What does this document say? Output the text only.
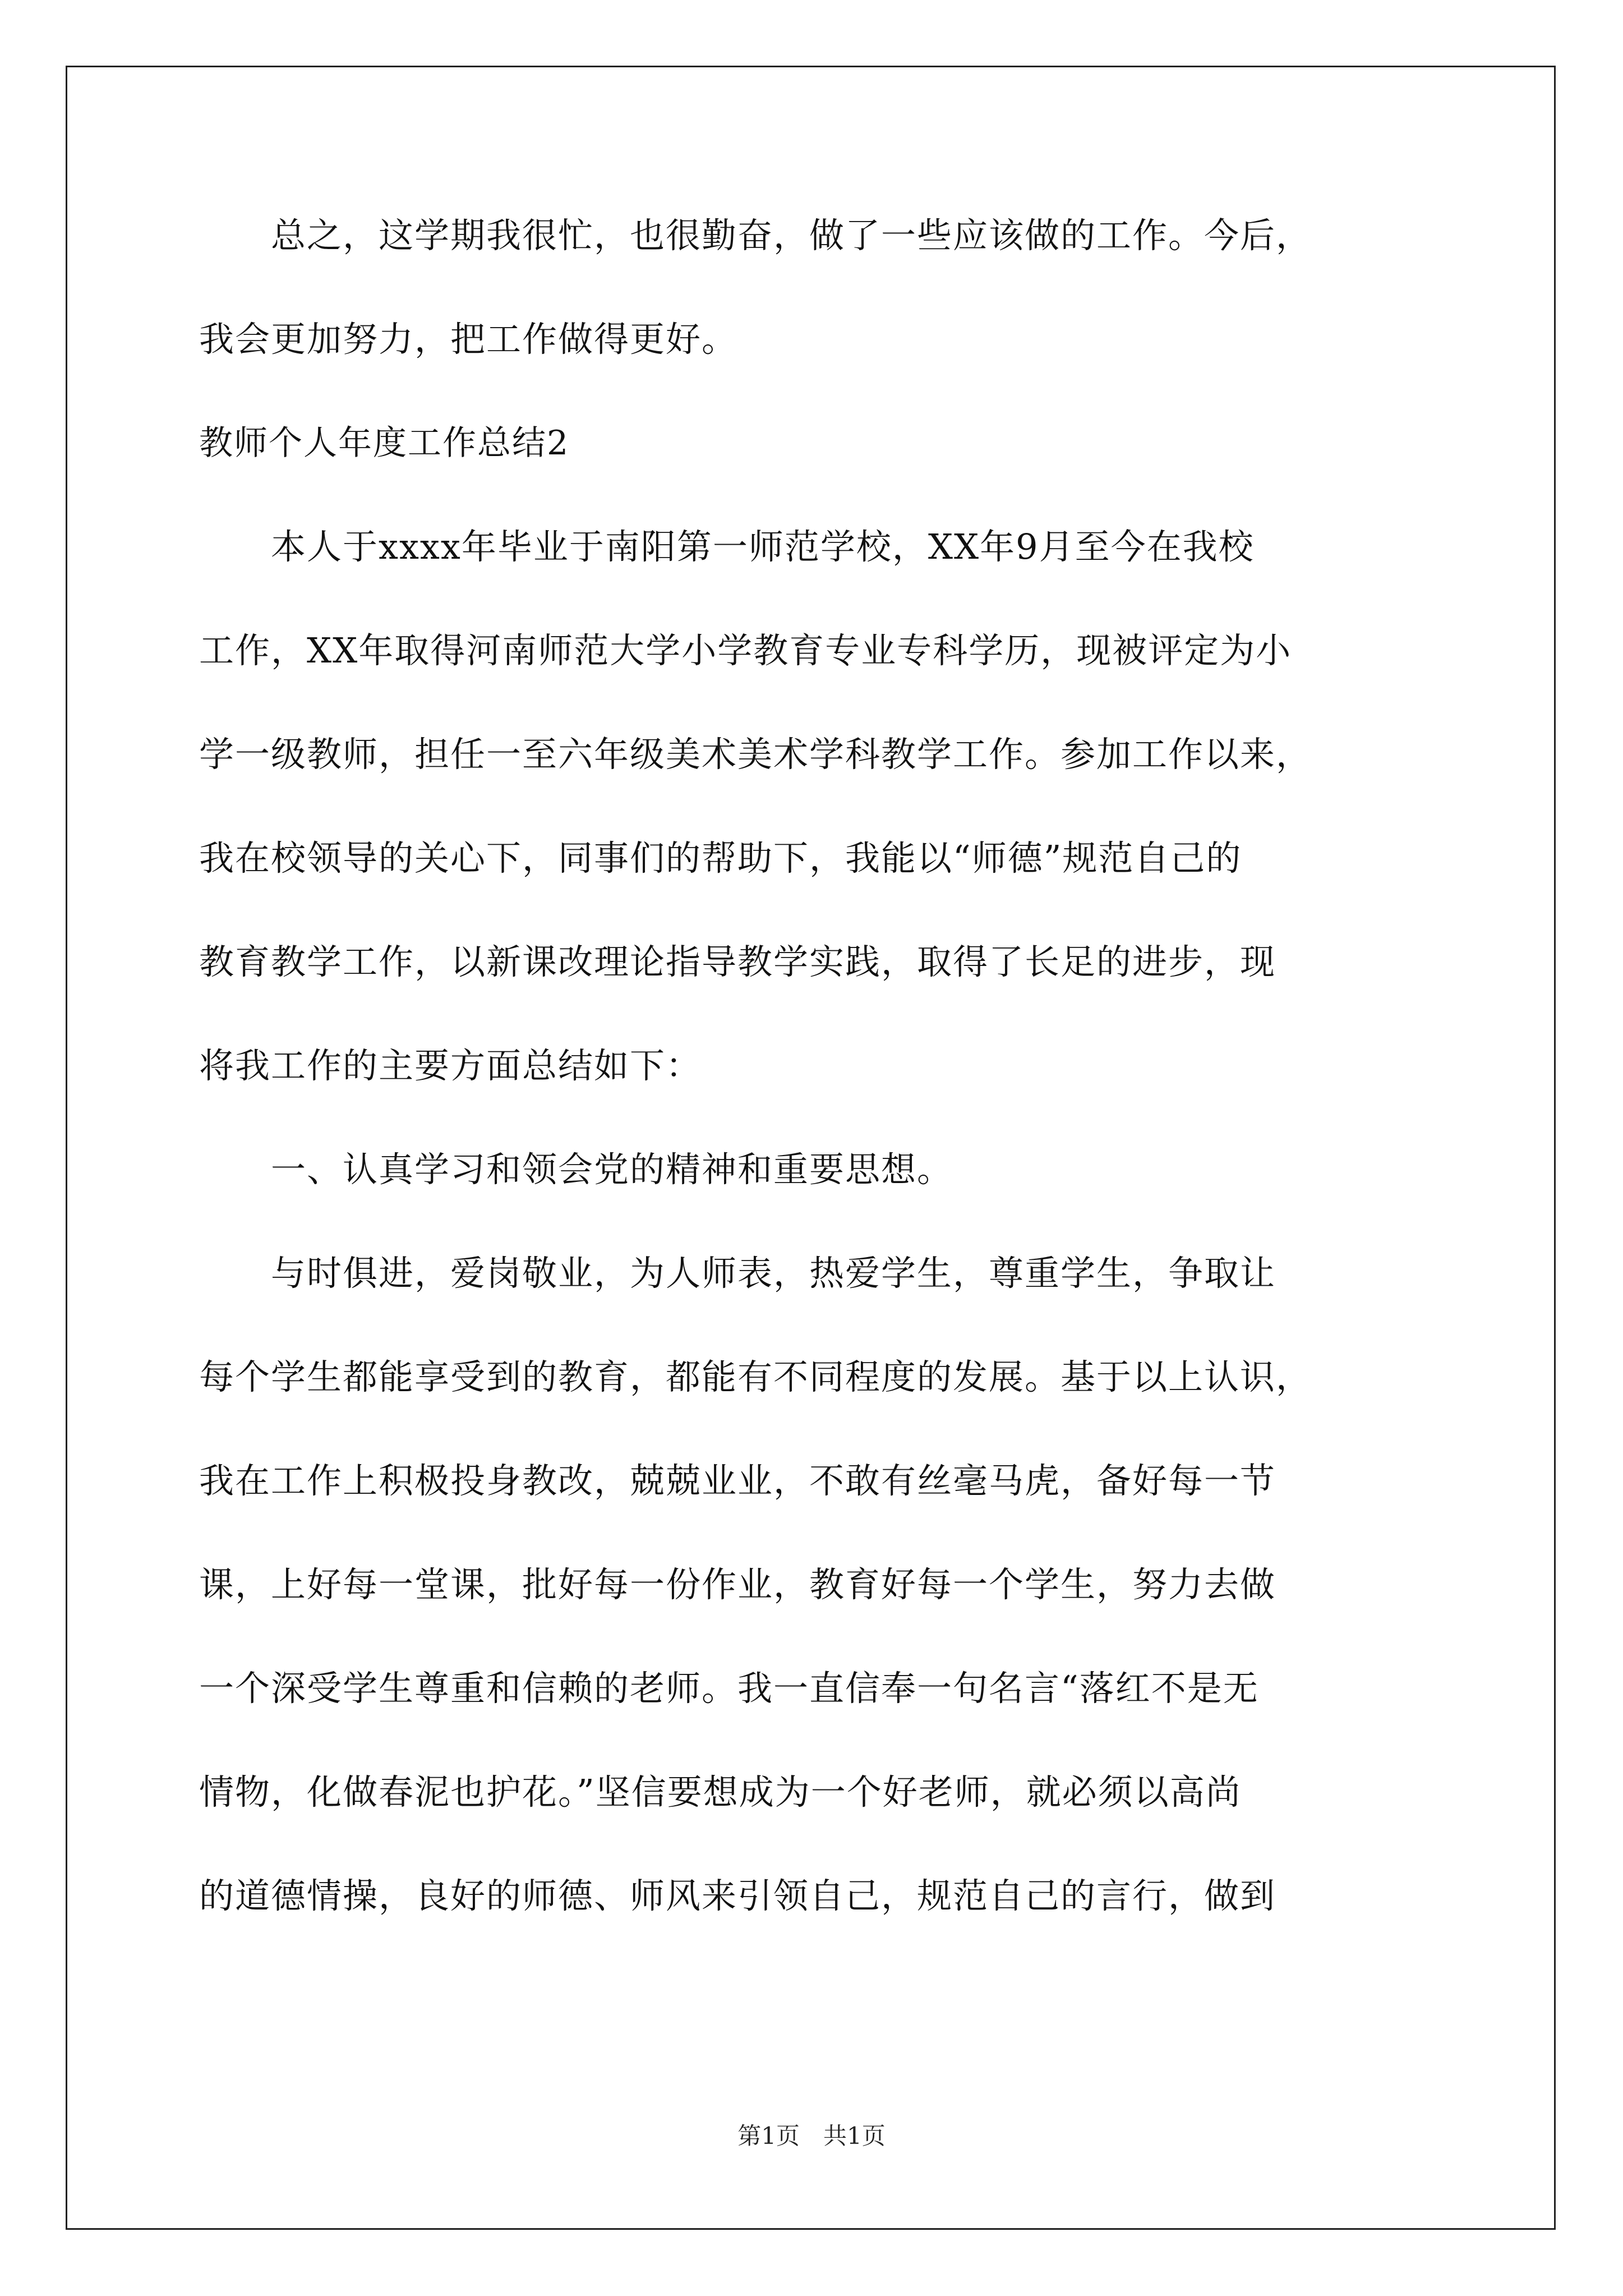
　　总之，这学期我很忙，也很勤奋，做了一些应该做的工作。今后，
我会更加努力，把工作做得更好。
教师个人年度工作总结2
　　本人于xxxx年毕业于南阳第一师范学校，XX年9月至今在我校
工作，XX年取得河南师范大学小学教育专业专科学历，现被评定为小
学一级教师，担任一至六年级美术美术学科教学工作。参加工作以来，
我在校领导的关心下，同事们的帮助下，我能以“师德”规范自己的
教育教学工作，以新课改理论指导教学实践，取得了长足的进步，现
将我工作的主要方面总结如下：
　　一、认真学习和领会党的精神和重要思想。
　　与时俱进，爱岗敬业，为人师表，热爱学生，尊重学生，争取让
每个学生都能享受到的教育，都能有不同程度的发展。基于以上认识，
我在工作上积极投身教改，兢兢业业，不敢有丝毫马虎，备好每一节
课，上好每一堂课，批好每一份作业，教育好每一个学生，努力去做
一个深受学生尊重和信赖的老师。我一直信奉一句名言“落红不是无
情物，化做春泥也护花。”坚信要想成为一个好老师，就必须以高尚
的道德情操，良好的师德、师风来引领自己，规范自己的言行，做到
第1页　共1页
